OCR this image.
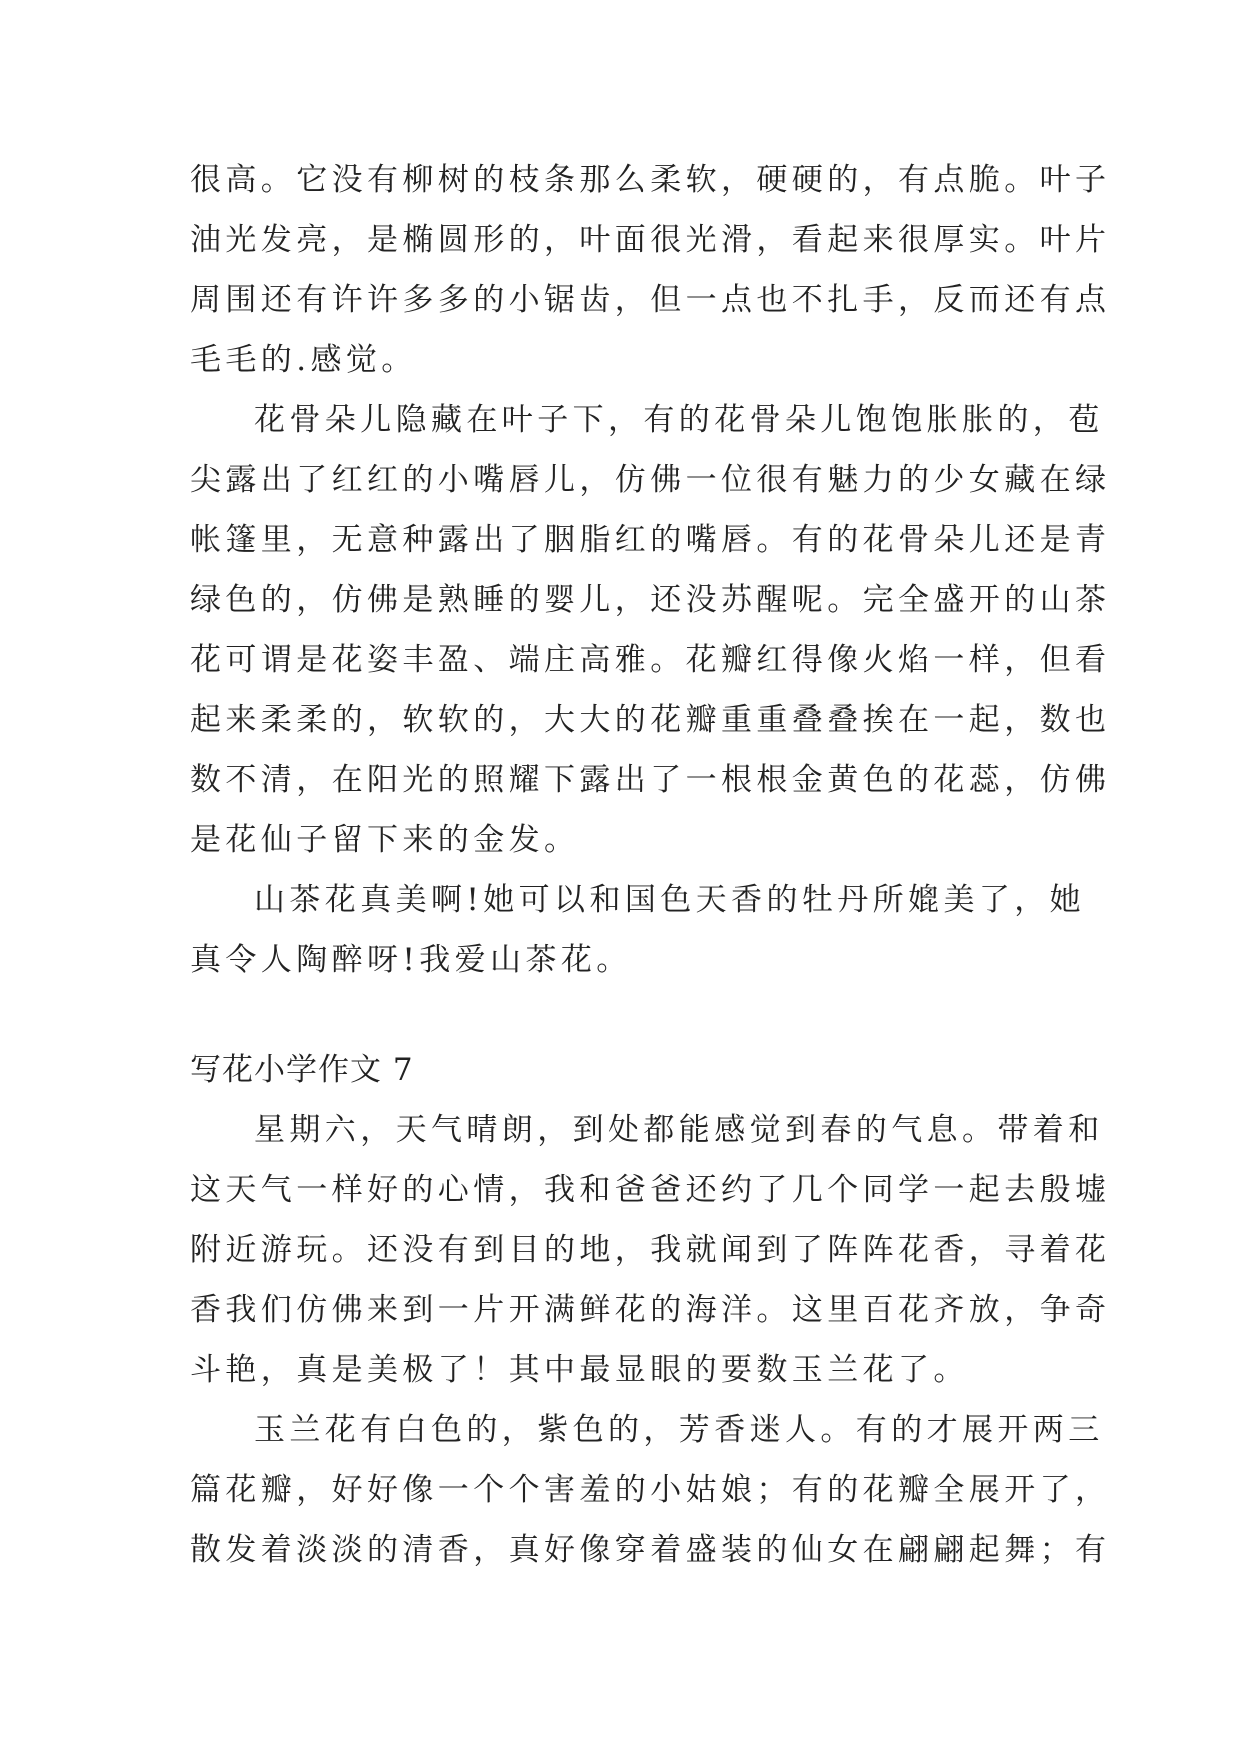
很高。它没有柳树的枝条那么柔软，硬硬的，有点脆。叶子
油光发亮，是椭圆形的，叶面很光滑，看起来很厚实。叶片
周围还有许许多多的小锯齿，但一点也不扎手，反而还有点
毛毛的.感觉。
花骨朵儿隐藏在叶子下，有的花骨朵儿饱饱胀胀的，苞
尖露出了红红的小嘴唇儿，仿佛一位很有魅力的少女藏在绿
帐篷里，无意种露出了胭脂红的嘴唇。有的花骨朵儿还是青
绿色的，仿佛是熟睡的婴儿，还没苏醒呢。完全盛开的山茶
花可谓是花姿丰盈、端庄高雅。花瓣红得像火焰一样，但看
起来柔柔的，软软的，大大的花瓣重重叠叠挨在一起，数也
数不清，在阳光的照耀下露出了一根根金黄色的花蕊，仿佛
是花仙子留下来的金发。
山茶花真美啊!她可以和国色天香的牡丹所媲美了，她
真令人陶醉呀!我爱山茶花。
写花小学作文 7
星期六，天气晴朗，到处都能感觉到春的气息。带着和
这天气一样好的心情，我和爸爸还约了几个同学一起去殷墟
附近游玩。还没有到目的地，我就闻到了阵阵花香，寻着花
香我们仿佛来到一片开满鲜花的海洋。这里百花齐放，争奇
斗艳，真是美极了！其中最显眼的要数玉兰花了。
玉兰花有白色的，紫色的，芳香迷人。有的才展开两三
篇花瓣，好好像一个个害羞的小姑娘；有的花瓣全展开了，
散发着淡淡的清香，真好像穿着盛装的仙女在翩翩起舞；有
